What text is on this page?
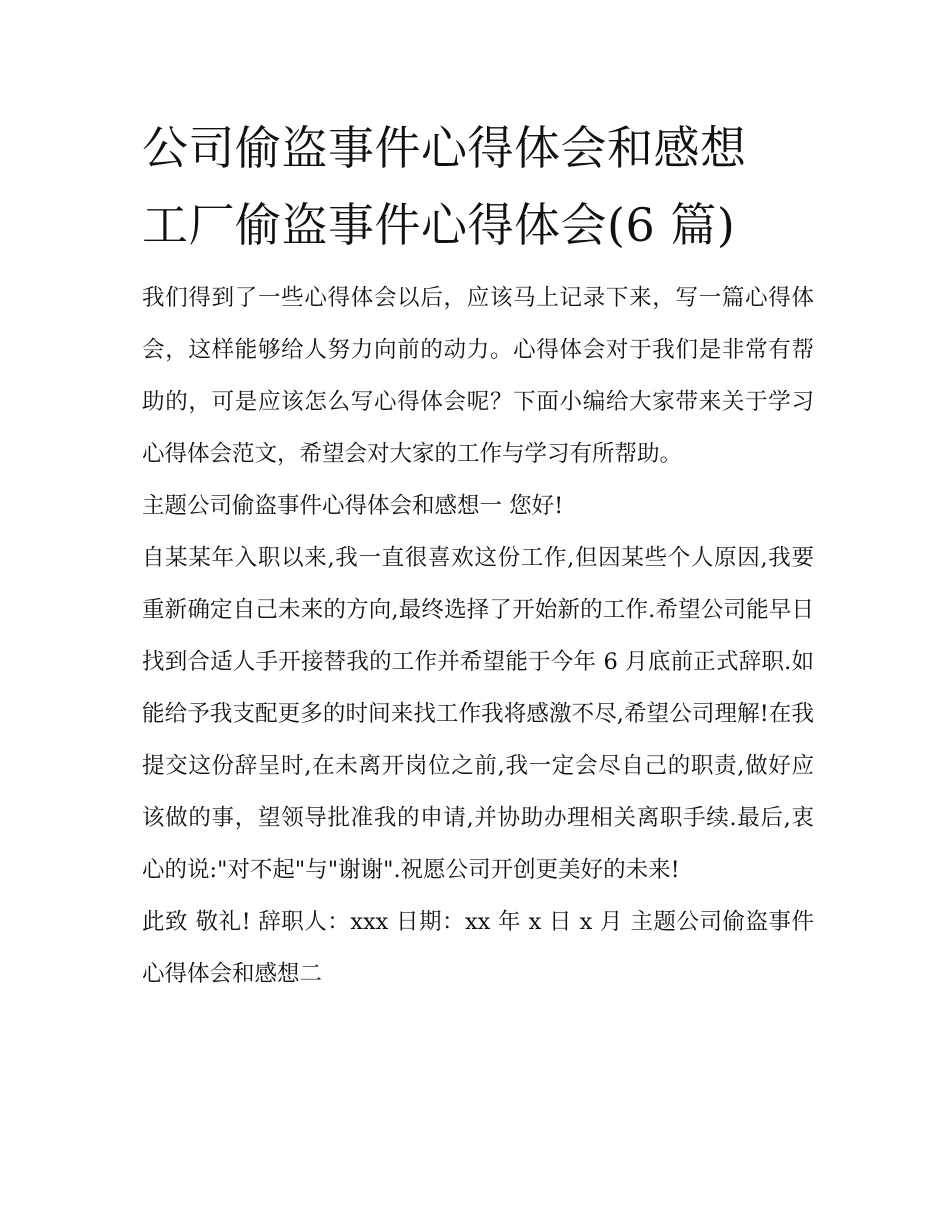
公司偷盗事件心得体会和感想
工厂偷盗事件心得体会(6 篇)

我们得到了一些心得体会以后，应该马上记录下来，写一篇心得体会，这样能够给人努力向前的动力。心得体会对于我们是非常有帮助的，可是应该怎么写心得体会呢？下面小编给大家带来关于学习心得体会范文，希望会对大家的工作与学习有所帮助。

主题公司偷盗事件心得体会和感想一 您好!

自某某年入职以来,我一直很喜欢这份工作,但因某些个人原因,我要重新确定自己未来的方向,最终选择了开始新的工作.希望公司能早日找到合适人手开接替我的工作并希望能于今年 6 月底前正式辞职.如能给予我支配更多的时间来找工作我将感激不尽,希望公司理解!在我提交这份辞呈时,在未离开岗位之前,我一定会尽自己的职责,做好应该做的事，望领导批准我的申请,并协助办理相关离职手续.最后,衷心的说:"对不起"与"谢谢".祝愿公司开创更美好的未来!

此致 敬礼! 辞职人：xxx 日期：xx 年 x 日 x 月 主题公司偷盗事件心得体会和感想二
